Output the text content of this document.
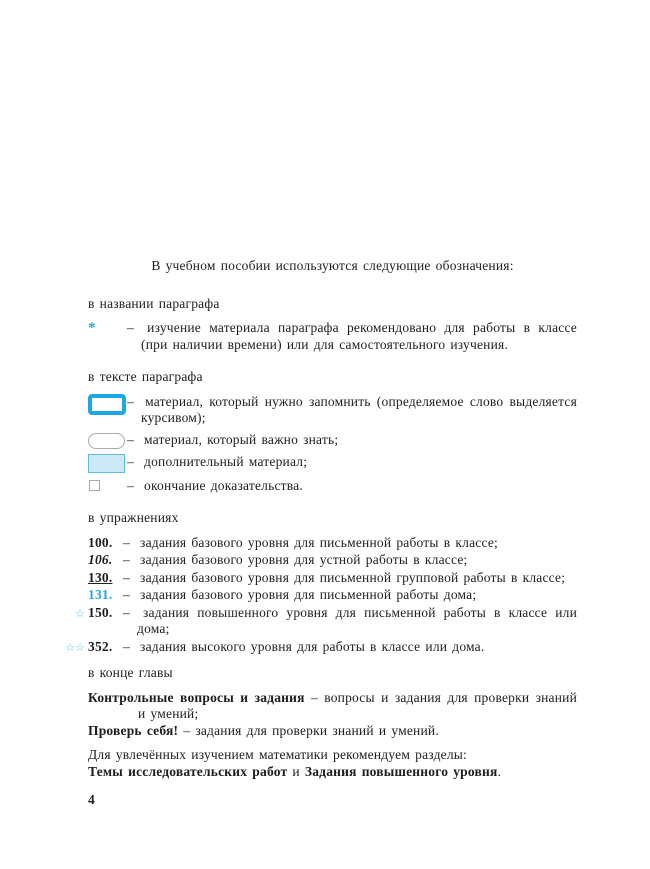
В учебном пособии используются следующие обозначения:

в названии параграфа

*	– изучение материала параграфа рекомендовано для работы в классе (при наличии времени) или для самостоятельного изучения.

в тексте параграфа

– материал, который нужно запомнить (определяемое слово выделяется курсивом);
– материал, который важно знать;
– дополнительный материал;
– окончание доказательства.

в упражнениях

100. – задания базового уровня для письменной работы в классе;
106. – задания базового уровня для устной работы в классе;
130. – задания базового уровня для письменной групповой работы в классе;
131. – задания базового уровня для письменной работы дома;
☆ 150. – задания повышенного уровня для письменной работы в классе или дома;
☆☆ 352. – задания высокого уровня для работы в классе или дома.

в конце главы

Контрольные вопросы и задания – вопросы и задания для проверки знаний и умений;

Проверь себя! – задания для проверки знаний и умений.

Для увлечённых изучением математики рекомендуем разделы:

Темы исследовательских работ и Задания повышенного уровня.

4
